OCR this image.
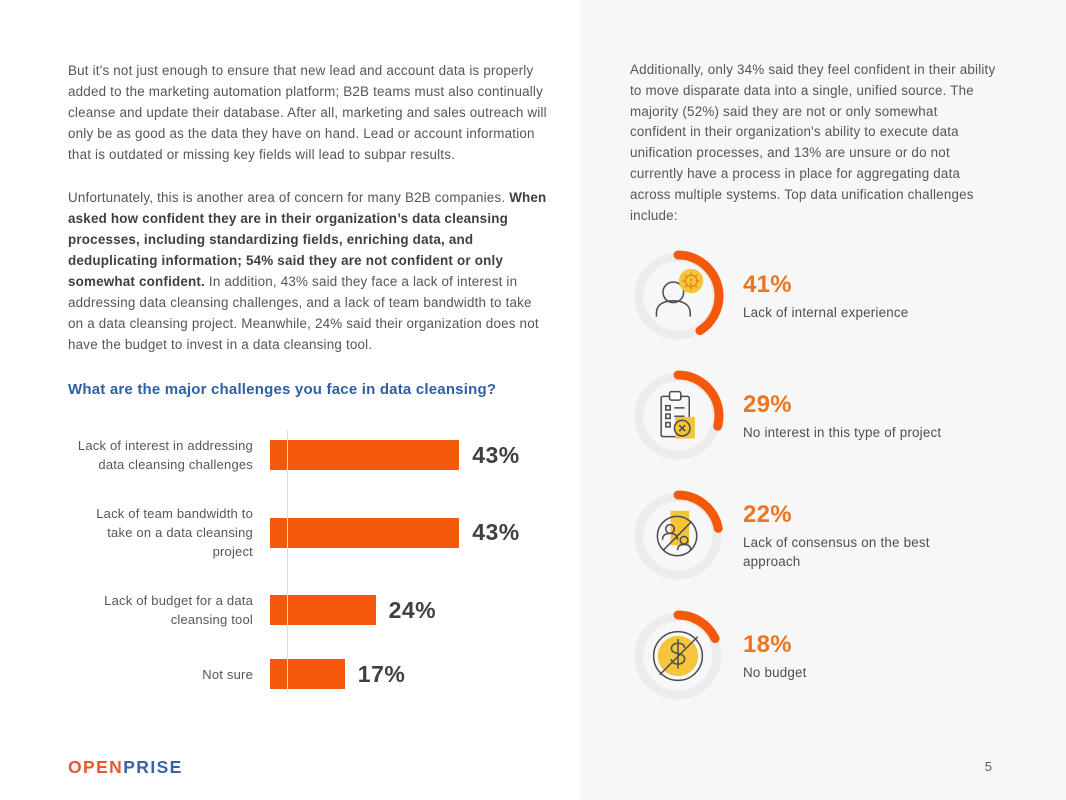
But it's not just enough to ensure that new lead and account data is properly added to the marketing automation platform; B2B teams must also continually cleanse and update their database. After all, marketing and sales outreach will only be as good as the data they have on hand. Lead or account information that is outdated or missing key fields will lead to subpar results.

Unfortunately, this is another area of concern for many B2B companies. When asked how confident they are in their organization’s data cleansing processes, including standardizing fields, enriching data, and deduplicating information; 54% said they are not confident or only somewhat confident. In addition, 43% said they face a lack of interest in addressing data cleansing challenges, and a lack of team bandwidth to take on a data cleansing project. Meanwhile, 24% said their organization does not have the budget to invest in a data cleansing tool.

What are the major challenges you face in data cleansing?
Lack of interest in addressing data cleansing challenges	43%
Lack of team bandwidth to take on a data cleansing project
43%
Lack of budget for a data cleansing tool	24%
Not sure	17%
OPENPRISE

Additionally, only 34% said they feel confident in their ability to move disparate data into a single, unified source. The majority (52%) said they are not or only somewhat confident in their organization's ability to execute data unification processes, and 13% are unsure or do not currently have a process in place for aggregating data across multiple systems. Top data unification challenges include:

41%
Lack of internal experience
29%
No interest in this type of project
22%
Lack of consensus on the best approach
18%
No budget
5
